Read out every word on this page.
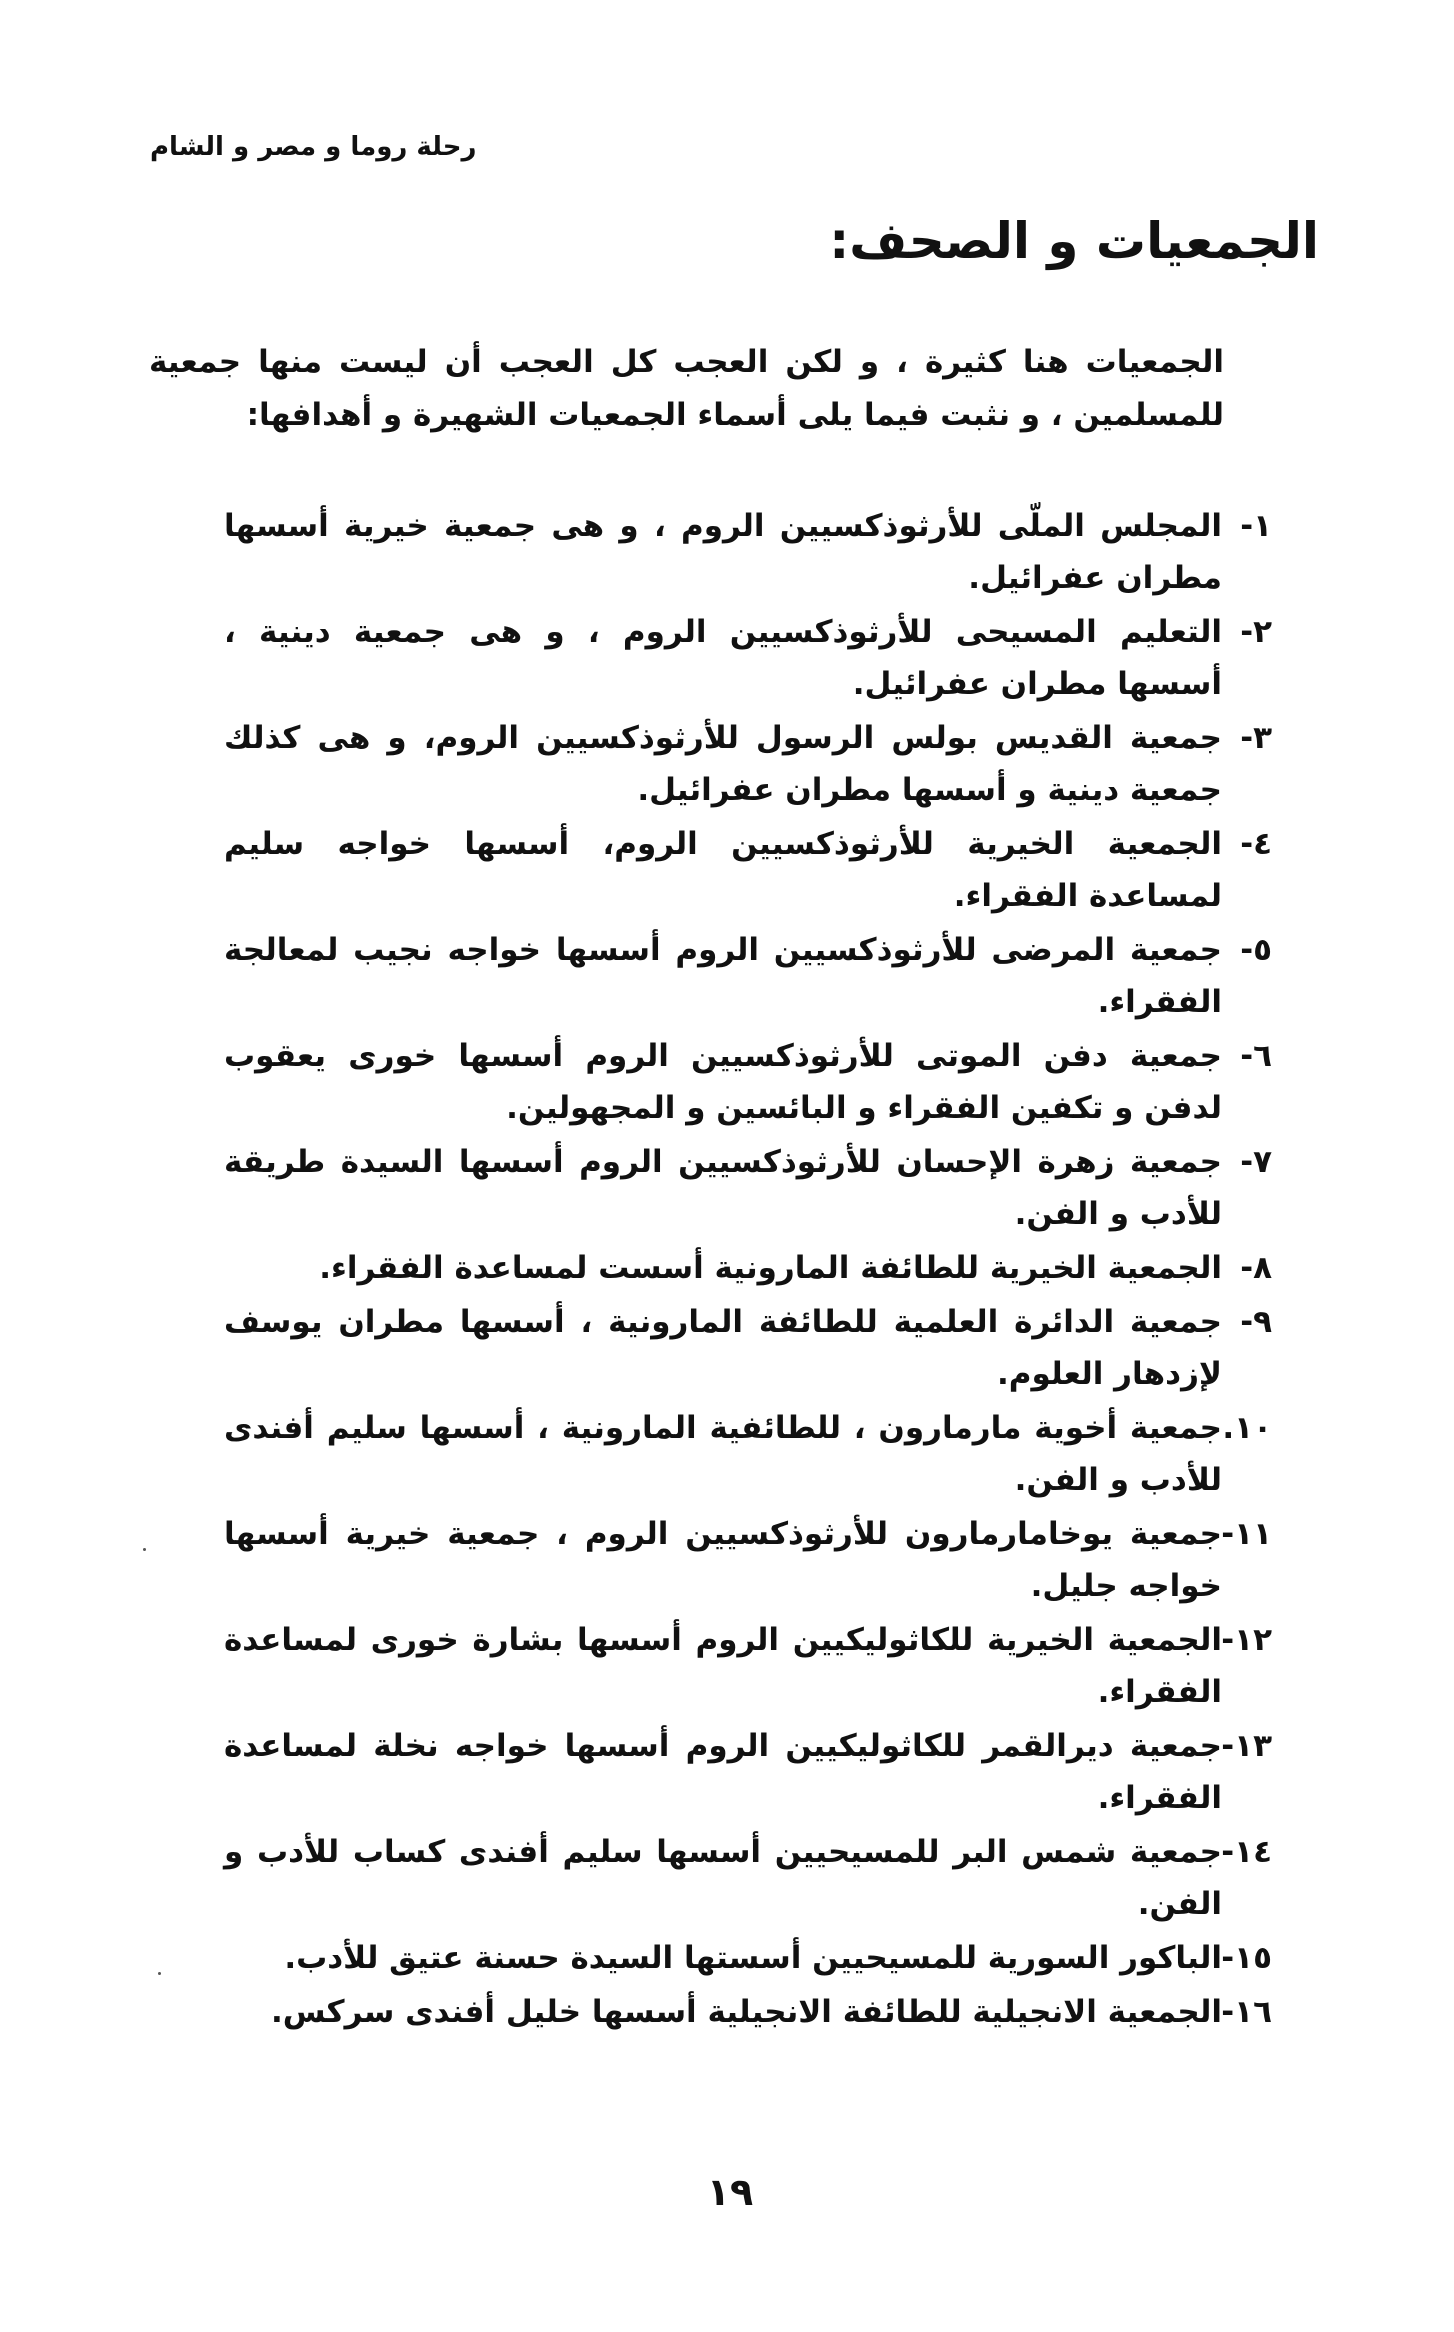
رحلة روما و مصر و الشام
الجمعيات و الصحف:

الجمعيات هنا كثيرة ، و لكن العجب كل العجب أن ليست منها جمعية للمسلمين ، و نثبت فيما يلى أسماء الجمعيات الشهيرة و أهدافها:

١-
المجلس الملّى للأرثوذكسيين الروم ، و هى جمعية خيرية أسسها مطران عفرائيل.
٢-
التعليم المسيحى للأرثوذكسيين الروم ، و هى جمعية دينية ، أسسها مطران عفرائيل.
٣-
جمعية القديس بولس الرسول للأرثوذكسيين الروم، و هى كذلك جمعية دينية و أسسها مطران عفرائيل.
٤-
الجمعية الخيرية للأرثوذكسيين الروم، أسسها خواجه سليم لمساعدة الفقراء.
٥-
جمعية المرضى للأرثوذكسيين الروم أسسها خواجه نجيب لمعالجة الفقراء.
٦-
جمعية دفن الموتى للأرثوذكسيين الروم أسسها خورى يعقوب لدفن و تكفين الفقراء و البائسين و المجهولين.
٧-
جمعية زهرة الإحسان للأرثوذكسيين الروم أسسها السيدة طريقة للأدب و الفن.
٨-
الجمعية الخيرية للطائفة المارونية أسست لمساعدة الفقراء.
٩-
جمعية الدائرة العلمية للطائفة المارونية ، أسسها مطران يوسف لإزدهار العلوم.
١٠.
جمعية أخوية مارمارون ، للطائفية المارونية ، أسسها سليم أفندى للأدب و الفن.
١١-
جمعية يوخامارمارون للأرثوذكسيين الروم ، جمعية خيرية أسسها خواجه جليل.
١٢-
الجمعية الخيرية للكاثوليكيين الروم أسسها بشارة خورى لمساعدة الفقراء.
١٣-
جمعية ديرالقمر للكاثوليكيين الروم أسسها خواجه نخلة لمساعدة الفقراء.
١٤-
جمعية شمس البر للمسيحيين أسسها سليم أفندى كساب للأدب و الفن.
١٥-
الباكور السورية للمسيحيين أسستها السيدة حسنة عتيق للأدب.
١٦-
الجمعية الانجيلية للطائفة الانجيلية أسسها خليل أفندى سركس.
١٩
